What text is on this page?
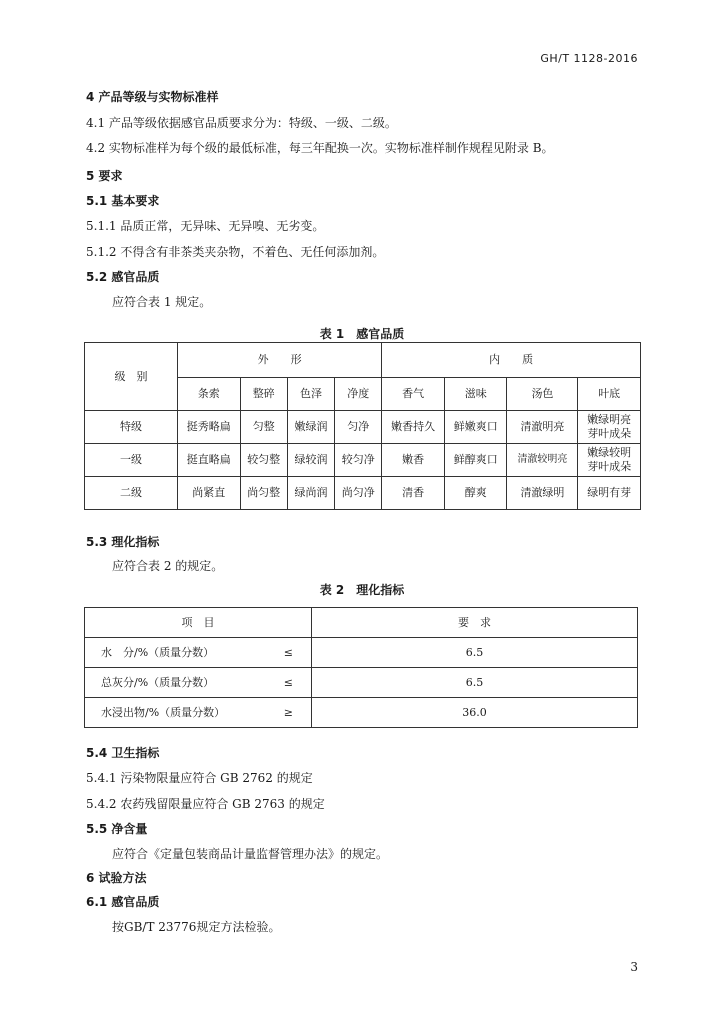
GH/T 1128-2016
4 产品等级与实物标准样
4.1 产品等级依据感官品质要求分为：特级、一级、二级。
4.2 实物标准样为每个级的最低标准，每三年配换一次。实物标准样制作规程见附录 B。
5 要求
5.1 基本要求
5.1.1 品质正常，无异味、无异嗅、无劣变。
5.1.2 不得含有非茶类夹杂物，不着色、无任何添加剂。
5.2 感官品质
应符合表 1 规定。
表 1　感官品质
级　别	外　　形				内　　质			
	条索	整碎	色泽	净度	香气	滋味	汤色	叶底
特级	挺秀略扁	匀整	嫩绿润	匀净	嫩香持久	鲜嫩爽口	清澈明亮	嫩绿明亮
芽叶成朵
一级	挺直略扁	较匀整	绿较润	较匀净	嫩香	鲜醇爽口	清澈较明亮	嫩绿较明
芽叶成朵
二级	尚紧直	尚匀整	绿尚润	尚匀净	清香	醇爽	清澈绿明	绿明有芽
5.3 理化指标
应符合表 2 的规定。
表 2　理化指标
项　目	要　求
水　分/%（质量分数） ≤	6.5
总灰分/%（质量分数） ≤	6.5
水浸出物/%（质量分数） ≥	36.0
5.4 卫生指标
5.4.1 污染物限量应符合 GB 2762 的规定
5.4.2 农药残留限量应符合 GB 2763 的规定
5.5 净含量
应符合《定量包装商品计量监督管理办法》的规定。
6 试验方法
6.1 感官品质
按GB/T 23776规定方法检验。
3
